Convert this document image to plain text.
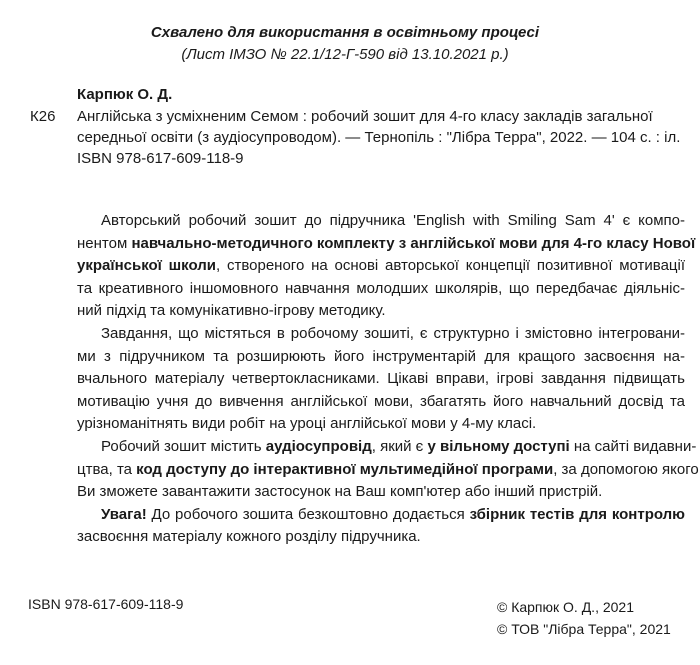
Схвалено для використання в освітньому процесі
(Лист ІМЗО № 22.1/12-Г-590 від 13.10.2021 р.)
Карпюк О. Д.
К26 Англійська з усміхненим Семом : робочий зошит для 4-го класу закладів загальної
середньої освіти (з аудіосупроводом). — Тернопіль : "Лібра Терра", 2022. — 104 с. : іл.
ISBN 978-617-609-118-9
Авторський робочий зошит до підручника 'English with Smiling Sam 4' є компо-
нентом навчально-методичного комплекту з англійської мови для 4-го класу Нової
української школи, створеного на основі авторської концепції позитивної мотивації
та креативного іншомовного навчання молодших школярів, що передбачає діяльніс-
ний підхід та комунікативно-ігрову методику.
Завдання, що містяться в робочому зошиті, є структурно і змістовно інтегровани-
ми з підручником та розширюють його інструментарій для кращого засвоєння на-
вчального матеріалу четвертокласниками. Цікаві вправи, ігрові завдання підвищать
мотивацію учня до вивчення англійської мови, збагатять його навчальний досвід та
урізноманітнять види робіт на уроці англійської мови у 4-му класі.
Робочий зошит містить аудіосупровід, який є у вільному доступі на сайті видавни-
цтва, та код доступу до інтерактивної мультимедійної програми, за допомогою якого
Ви зможете завантажити застосунок на Ваш комп'ютер або інший пристрій.
Увага! До робочого зошита безкоштовно додається збірник тестів для контролю
засвоєння матеріалу кожного розділу підручника.
ISBN 978-617-609-118-9	© Карпюк О. Д., 2021
© ТОВ "Лібра Терра", 2021
